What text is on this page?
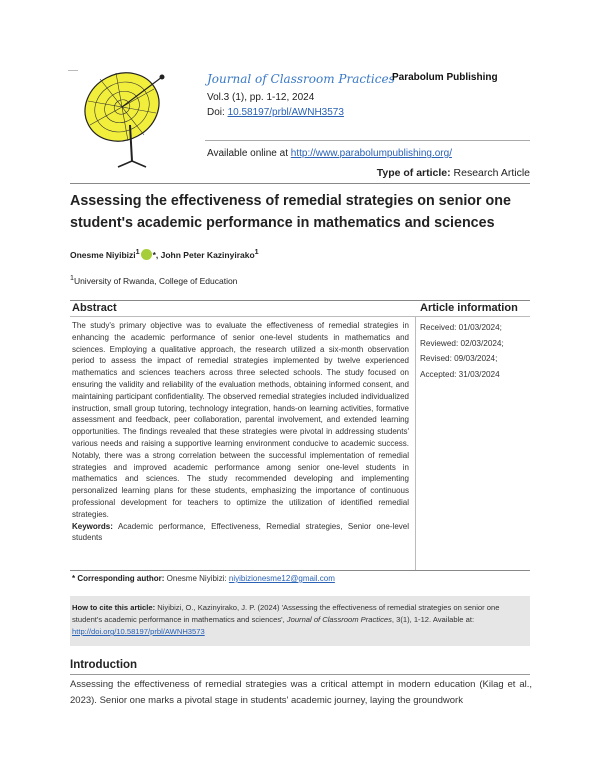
Journal of Classroom Practices
Parabolum Publishing
Vol.3 (1), pp. 1-12, 2024
Doi: 10.58197/prbl/AWNH3573
Available online at http://www.parabolumpublishing.org/
Type of article: Research Article
Assessing the effectiveness of remedial strategies on senior one student's academic performance in mathematics and sciences
Onesme Niyibizi$^1$ *, John Peter Kazinyirako$^1$
$^1$University of Rwanda, College of Education
Abstract	Article information
The study's primary objective was to evaluate the effectiveness of remedial strategies in enhancing the academic performance of senior one-level students in mathematics and sciences. Employing a qualitative approach, the research utilized a six-month observation period to assess the impact of remedial strategies implemented by twelve experienced mathematics and sciences teachers across three selected schools. The study focused on ensuring the validity and reliability of the evaluation methods, obtaining informed consent, and maintaining participant confidentiality. The observed remedial strategies included individualized instruction, small group tutoring, technology integration, hands-on learning activities, formative assessment and feedback, peer collaboration, parental involvement, and extended learning opportunities. The findings revealed that these strategies were pivotal in addressing students' various needs and raising a supportive learning environment conducive to academic success. Notably, there was a strong correlation between the successful implementation of remedial strategies and improved academic performance among senior one-level students in mathematics and sciences. The study recommended developing and implementing personalized learning plans for these students, emphasizing the importance of continuous professional development for teachers to optimize the utilization of identified remedial strategies.
Keywords: Academic performance, Effectiveness, Remedial strategies, Senior one-level students
Received: 01/03/2024;
Reviewed: 02/03/2024;
Revised: 09/03/2024;
Accepted: 31/03/2024
* Corresponding author: Onesme Niyibizi: niyibizionesme12@gmail.com
How to cite this article: Niyibizi, O., Kazinyirako, J. P. (2024) 'Assessing the effectiveness of remedial strategies on senior one student's academic performance in mathematics and sciences', Journal of Classroom Practices, 3(1), 1-12. Available at: http://doi.org/10.58197/prbl/AWNH3573
Introduction
Assessing the effectiveness of remedial strategies was a critical attempt in modern education (Kilag et al., 2023). Senior one marks a pivotal stage in students' academic journey, laying the groundwork
